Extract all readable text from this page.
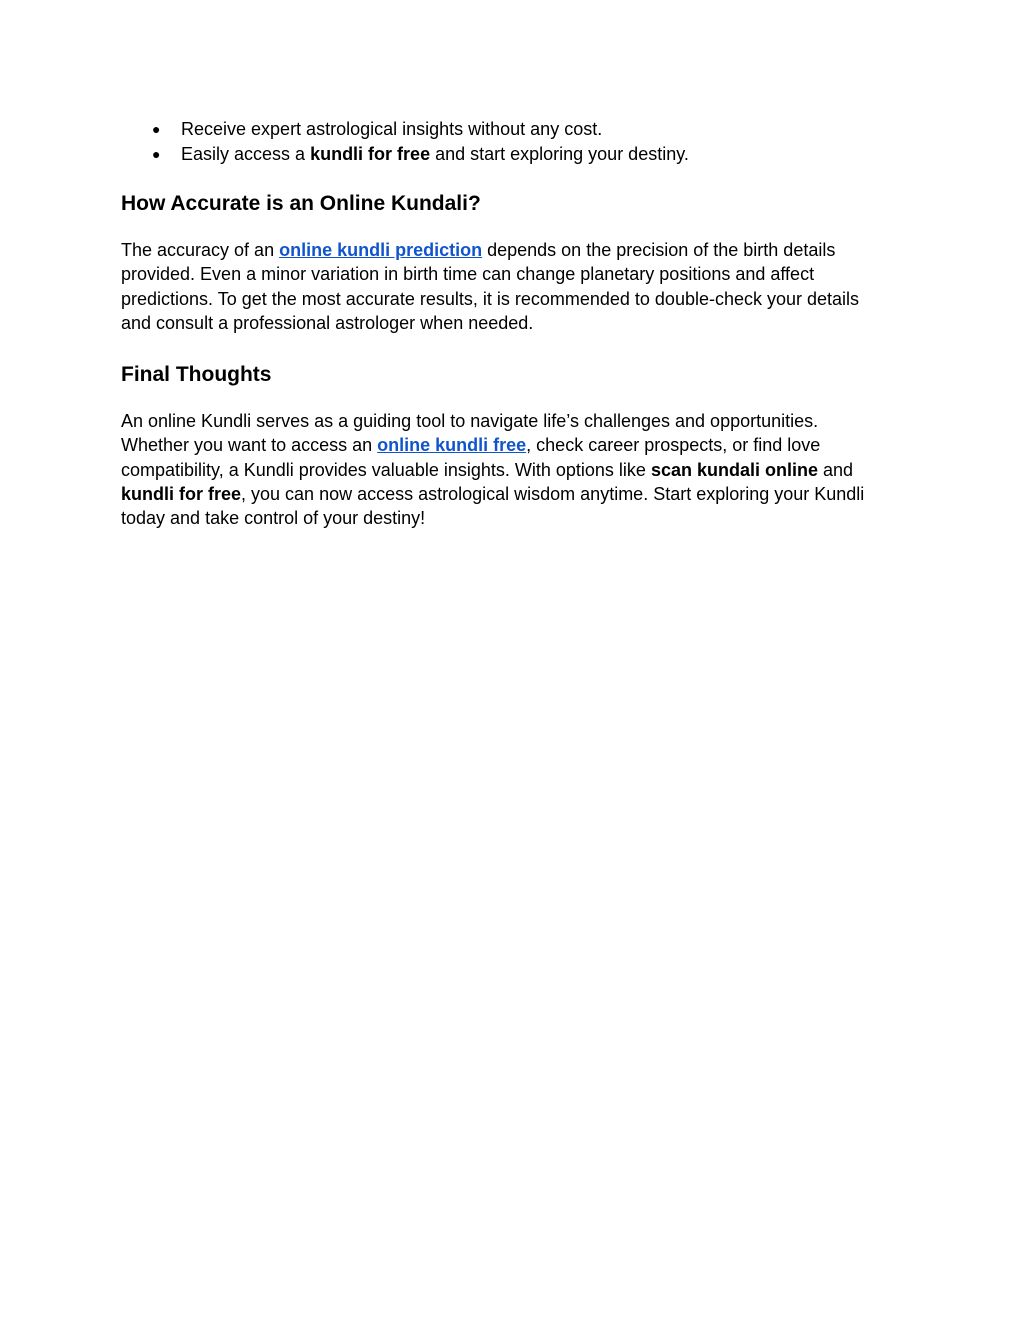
● Receive expert astrological insights without any cost.
● Easily access a kundli for free and start exploring your destiny.
How Accurate is an Online Kundali?

The accuracy of an online kundli prediction depends on the precision of the birth details provided. Even a minor variation in birth time can change planetary positions and affect predictions. To get the most accurate results, it is recommended to double-check your details and consult a professional astrologer when needed.

Final Thoughts

An online Kundli serves as a guiding tool to navigate life’s challenges and opportunities. Whether you want to access an online kundli free, check career prospects, or find love compatibility, a Kundli provides valuable insights. With options like scan kundali online and kundli for free, you can now access astrological wisdom anytime. Start exploring your Kundli today and take control of your destiny!
